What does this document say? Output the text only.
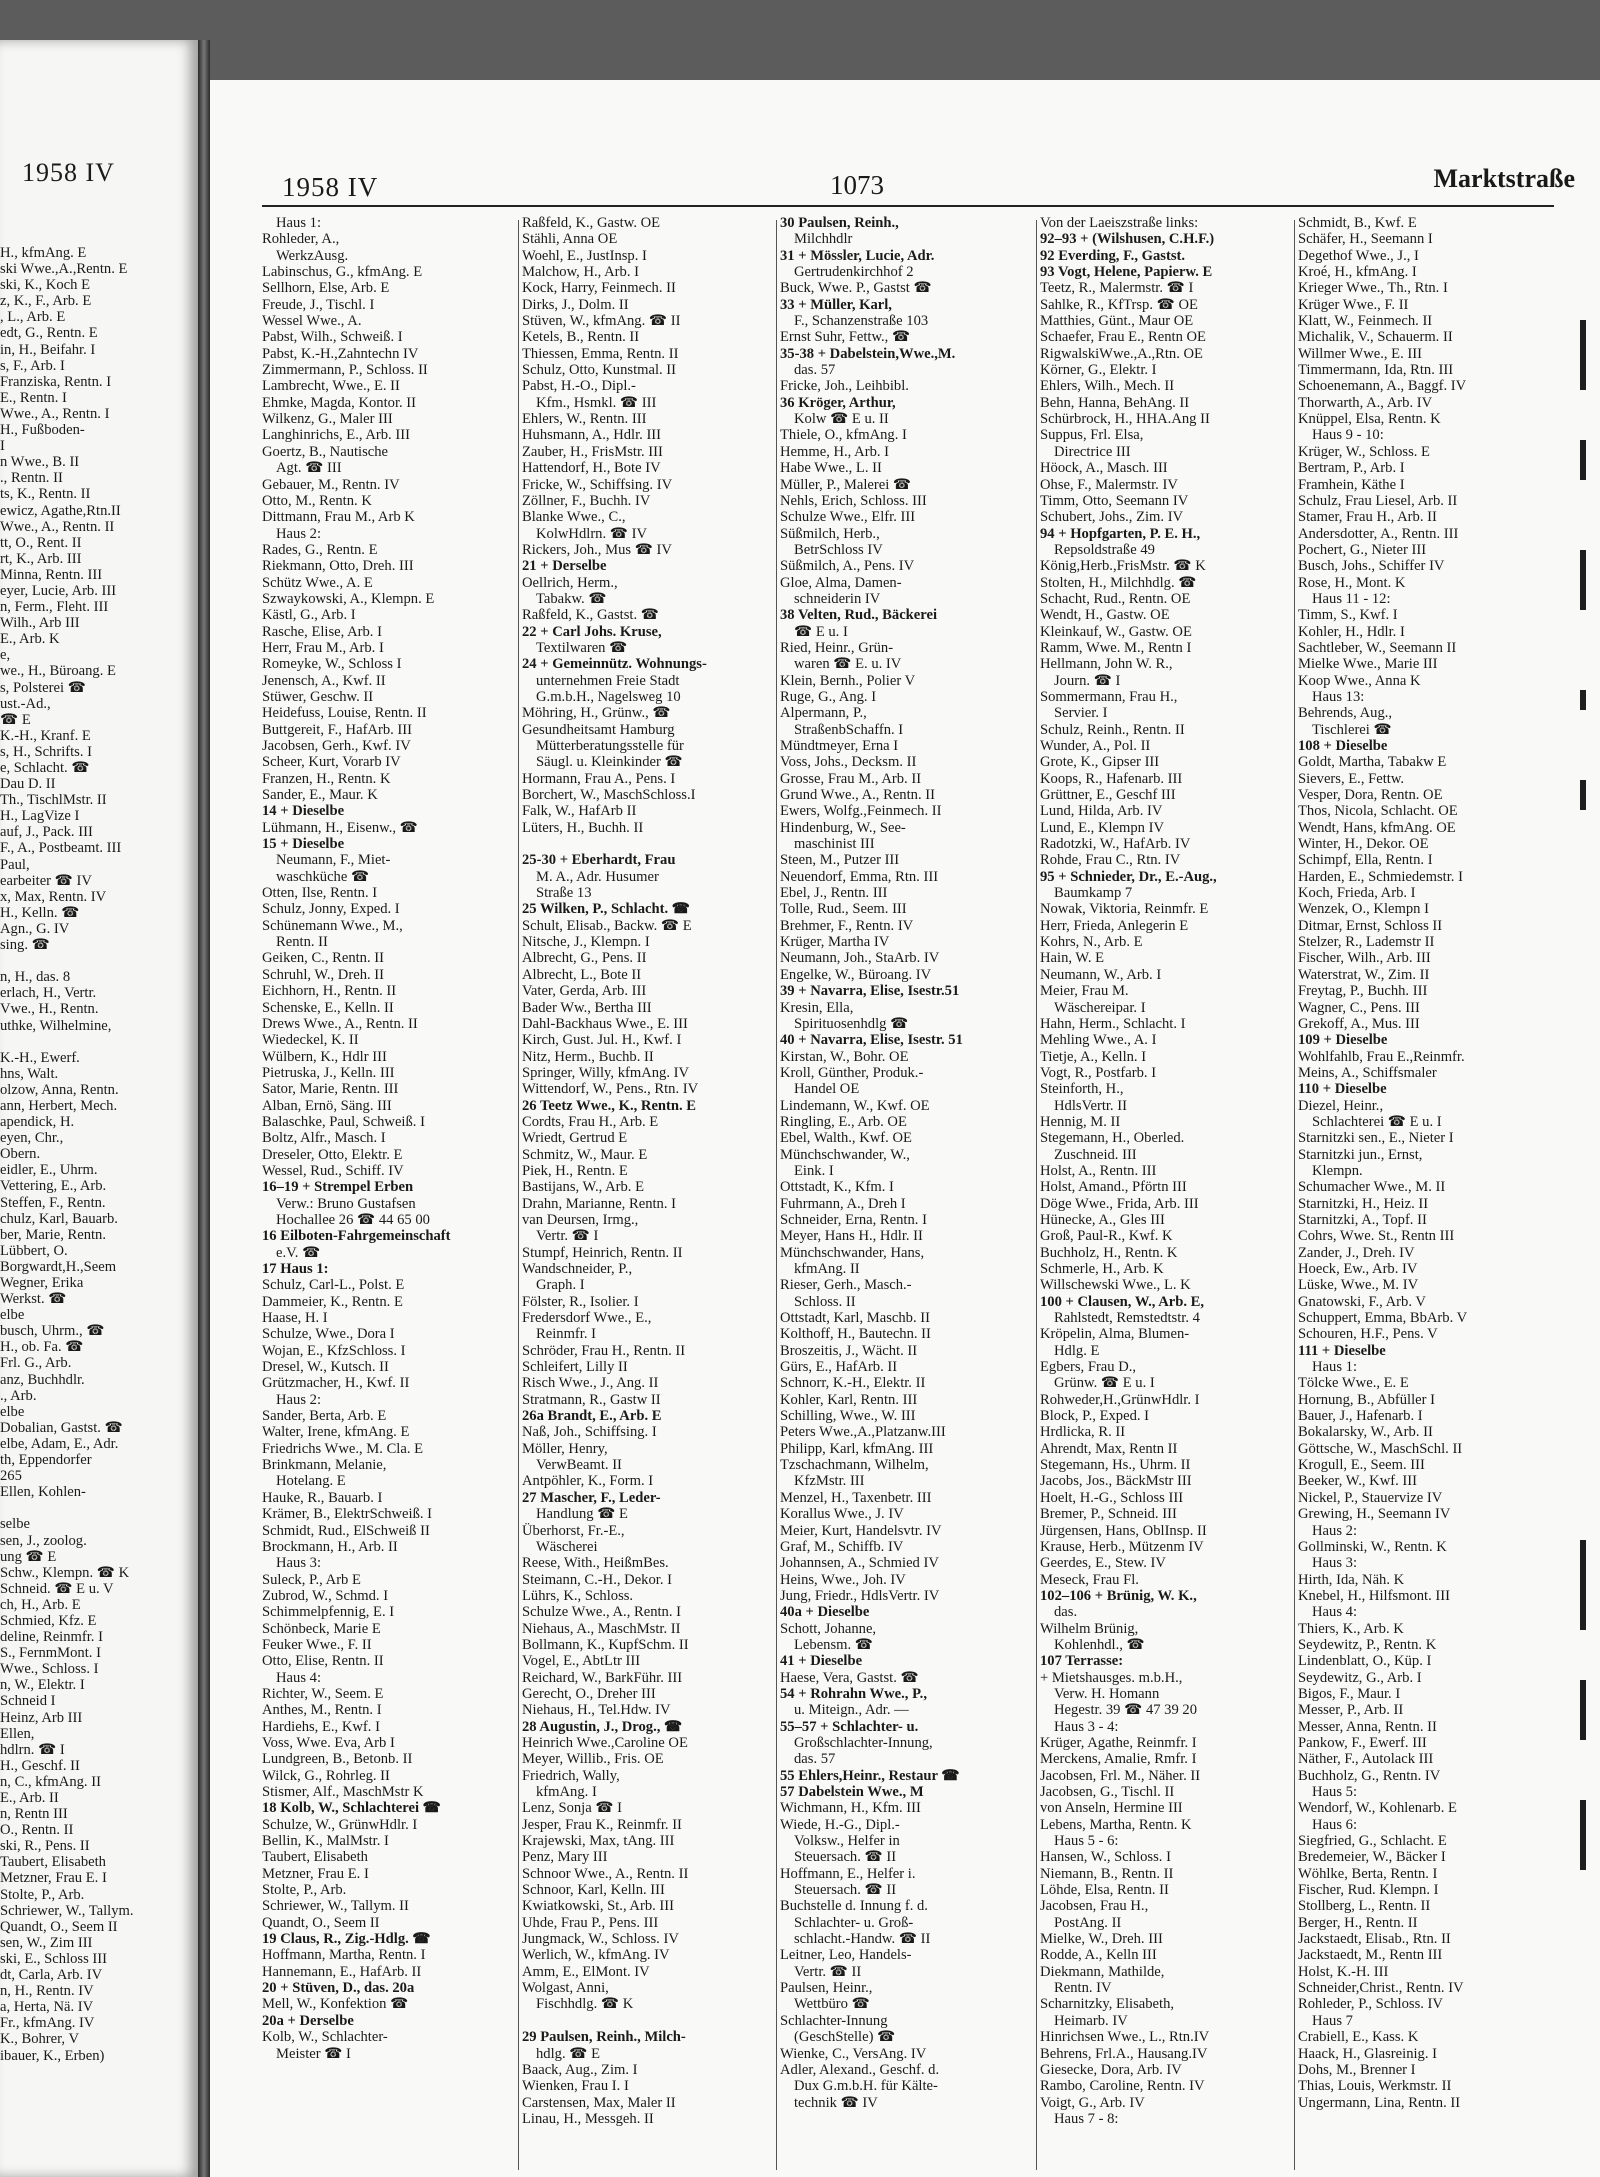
1958 IV
H., kfmAng. E
ski Wwe.,A.,Rentn. E
ski, K., Koch E
z, K., F., Arb. E
, L., Arb. E
edt, G., Rentn. E
in, H., Beifahr. I
s, F., Arb. I
Franziska, Rentn. I
E., Rentn. I
Wwe., A., Rentn. I
H., Fußboden-
I
n Wwe., B. II
., Rentn. II
ts, K., Rentn. II
ewicz, Agathe,Rtn.II
Wwe., A., Rentn. II
tt, O., Rent. II
rt, K., Arb. III
Minna, Rentn. III
eyer, Lucie, Arb. III
n, Ferm., Fleht. III
Wilh., Arb III
E., Arb. K
e,
we., H., Büroang. E
s, Polsterei ☎
ust.-Ad.,
☎ E
K.-H., Kranf. E
s, H., Schrifts. I
e, Schlacht. ☎
Dau D. II
Th., TischlMstr. II
H., LagVize I
auf, J., Pack. III
F., A., Postbeamt. III
Paul,
earbeiter ☎ IV
x, Max, Rentn. IV
H., Kelln. ☎
Agn., G. IV
sing. ☎
n, H., das. 8
erlach, H., Vertr.
Vwe., H., Rentn.
uthke, Wilhelmine,
K.-H., Ewerf.
hns, Walt.
olzow, Anna, Rentn.
ann, Herbert, Mech.
apendick, H.
eyen, Chr.,
Obern.
eidler, E., Uhrm.
Vettering, E., Arb.
Steffen, F., Rentn.
chulz, Karl, Bauarb.
ber, Marie, Rentn.
Lübbert, O.
Borgwardt,H.,Seem
Wegner, Erika
Werkst. ☎
elbe
busch, Uhrm., ☎
H., ob. Fa. ☎
Frl. G., Arb.
anz, Buchhdlr.
., Arb.
elbe
Dobalian, Gastst. ☎
elbe, Adam, E., Adr.
th, Eppendorfer
265
Ellen, Kohlen-
selbe
sen, J., zoolog.
ung ☎ E
Schw., Klempn. ☎ K
Schneid. ☎ E u. V
ch, H., Arb. E
Schmied, Kfz. E
deline, Reinmfr. I
S., FernmMont. I
Wwe., Schloss. I
n, W., Elektr. I
Schneid I
Heinz, Arb III
Ellen,
hdlrn. ☎ I
H., Geschf. II
n, C., kfmAng. II
E., Arb. II
n, Rentn III
O., Rentn. II
ski, R., Pens. II
Taubert, Elisabeth
Metzner, Frau E. I
Stolte, P., Arb.
Schriewer, W., Tallym.
Quandt, O., Seem II
sen, W., Zim III
ski, E., Schloss III
dt, Carla, Arb. IV
n, H., Rentn. IV
a, Herta, Nä. IV
Fr., kfmAng. IV
K., Bohrer, V
ibauer, K., Erben)
1958 IV	1073	Marktstraße
Haus 1:
Rohleder, A.,
WerkzAusg.
Labinschus, G., kfmAng. E
Sellhorn, Else, Arb. E
Freude, J., Tischl. I
Wessel Wwe., A.
Pabst, Wilh., Schweiß. I
Pabst, K.-H.,Zahntechn IV
Zimmermann, P., Schloss. II
Lambrecht, Wwe., E. II
Ehmke, Magda, Kontor. II
Wilkenz, G., Maler III
Langhinrichs, E., Arb. III
Goertz, B., Nautische
Agt. ☎ III
Gebauer, M., Rentn. IV
Otto, M., Rentn. K
Dittmann, Frau M., Arb K
Haus 2:
Rades, G., Rentn. E
Riekmann, Otto, Dreh. III
Schütz Wwe., A. E
Szwaykowski, A., Klempn. E
Kästl, G., Arb. I
Rasche, Elise, Arb. I
Herr, Frau M., Arb. I
Romeyke, W., Schloss I
Jenensch, A., Kwf. II
Stüwer, Geschw. II
Heidefuss, Louise, Rentn. II
Buttgereit, F., HafArb. III
Jacobsen, Gerh., Kwf. IV
Scheer, Kurt, Vorarb IV
Franzen, H., Rentn. K
Sander, E., Maur. K
14 + Dieselbe
Lühmann, H., Eisenw., ☎
15 + Dieselbe
Neumann, F., Miet-
waschküche ☎
Otten, Ilse, Rentn. I
Schulz, Jonny, Exped. I
Schünemann Wwe., M.,
Rentn. II
Geiken, C., Rentn. II
Schruhl, W., Dreh. II
Eichhorn, H., Rentn. II
Schenske, E., Kelln. II
Drews Wwe., A., Rentn. II
Wiedeckel, K. II
Wülbern, K., Hdlr III
Pietruska, J., Kelln. III
Sator, Marie, Rentn. III
Alban, Ernö, Säng. III
Balaschke, Paul, Schweiß. I
Boltz, Alfr., Masch. I
Dreseler, Otto, Elektr. E
Wessel, Rud., Schiff. IV
16–19 + Strempel Erben
Verw.: Bruno Gustafsen
Hochallee 26 ☎ 44 65 00
16 Eilboten-Fahrgemeinschaft
e.V. ☎
17 Haus 1:
Schulz, Carl-L., Polst. E
Dammeier, K., Rentn. E
Haase, H. I
Schulze, Wwe., Dora I
Wojan, E., KfzSchloss. I
Dresel, W., Kutsch. II
Grützmacher, H., Kwf. II
Haus 2:
Sander, Berta, Arb. E
Walter, Irene, kfmAng. E
Friedrichs Wwe., M. Cla. E
Brinkmann, Melanie,
Hotelang. E
Hauke, R., Bauarb. I
Krämer, B., ElektrSchweiß. I
Schmidt, Rud., ElSchweiß II
Brockmann, H., Arb. II
Haus 3:
Suleck, P., Arb E
Zubrod, W., Schmd. I
Schimmelpfennig, E. I
Schönbeck, Marie E
Feuker Wwe., F. II
Otto, Elise, Rentn. II
Haus 4:
Richter, W., Seem. E
Anthes, M., Rentn. I
Hardiehs, E., Kwf. I
Voss, Wwe. Eva, Arb I
Lundgreen, B., Betonb. II
Wilck, G., Rohrleg. II
Stismer, Alf., MaschMstr K
18 Kolb, W., Schlachterei ☎
Schulze, W., GrünwHdlr. I
Bellin, K., MalMstr. I
Taubert, Elisabeth
Metzner, Frau E. I
Stolte, P., Arb.
Schriewer, W., Tallym. II
Quandt, O., Seem II
19 Claus, R., Zig.-Hdlg. ☎
Hoffmann, Martha, Rentn. I
Hannemann, E., HafArb. II
20 + Stüven, D., das. 20a
Mell, W., Konfektion ☎
20a + Derselbe
Kolb, W., Schlachter-
Meister ☎ I
Raßfeld, K., Gastw. OE
Stähli, Anna OE
Woehl, E., JustInsp. I
Malchow, H., Arb. I
Kock, Harry, Feinmech. II
Dirks, J., Dolm. II
Stüven, W., kfmAng. ☎ II
Ketels, B., Rentn. II
Thiessen, Emma, Rentn. II
Schulz, Otto, Kunstmal. II
Pabst, H.-O., Dipl.-
Kfm., Hsmkl. ☎ III
Ehlers, W., Rentn. III
Huhsmann, A., Hdlr. III
Zauber, H., FrisMstr. III
Hattendorf, H., Bote IV
Fricke, W., Schiffsing. IV
Zöllner, F., Buchh. IV
Blanke Wwe., C.,
KolwHdlrn. ☎ IV
Rickers, Joh., Mus ☎ IV
21 + Derselbe
Oellrich, Herm.,
Tabakw. ☎
Raßfeld, K., Gastst. ☎
22 + Carl Johs. Kruse,
Textilwaren ☎
24 + Gemeinnütz. Wohnungs-
unternehmen Freie Stadt
G.m.b.H., Nagelsweg 10
Möhring, H., Grünw., ☎
Gesundheitsamt Hamburg
Mütterberatungsstelle für
Säugl. u. Kleinkinder ☎
Hormann, Frau A., Pens. I
Borchert, W., MaschSchloss.I
Falk, W., HafArb II
Lüters, H., Buchh. II
25-30 + Eberhardt, Frau
M. A., Adr. Husumer
Straße 13
25 Wilken, P., Schlacht. ☎
Schult, Elisab., Backw. ☎ E
Nitsche, J., Klempn. I
Albrecht, G., Pens. II
Albrecht, L., Bote II
Vater, Gerda, Arb. III
Bader Ww., Bertha III
Dahl-Backhaus Wwe., E. III
Kirch, Gust. Jul. H., Kwf. I
Nitz, Herm., Buchb. II
Springer, Willy, kfmAng. IV
Wittendorf, W., Pens., Rtn. IV
26 Teetz Wwe., K., Rentn. E
Cordts, Frau H., Arb. E
Wriedt, Gertrud E
Schmitz, W., Maur. E
Piek, H., Rentn. E
Bastijans, W., Arb. E
Drahn, Marianne, Rentn. I
van Deursen, Irmg.,
Vertr. ☎ I
Stumpf, Heinrich, Rentn. II
Wandschneider, P.,
Graph. I
Fölster, R., Isolier. I
Fredersdorf Wwe., E.,
Reinmfr. I
Schröder, Frau H., Rentn. II
Schleifert, Lilly II
Risch Wwe., J., Ang. II
Stratmann, R., Gastw II
26a Brandt, E., Arb. E
Naß, Joh., Schiffsing. I
Möller, Henry,
VerwBeamt. II
Antpöhler, K., Form. I
27 Mascher, F., Leder-
Handlung ☎ E
Überhorst, Fr.-E.,
Wäscherei
Reese, With., HeißmBes.
Steimann, C.-H., Dekor. I
Lührs, K., Schloss.
Schulze Wwe., A., Rentn. I
Niehaus, A., MaschMstr. II
Bollmann, K., KupfSchm. II
Vogel, E., AbtLtr III
Reichard, W., BarkFühr. III
Gerecht, O., Dreher III
Niehaus, H., Tel.Hdw. IV
28 Augustin, J., Drog., ☎
Heinrich Wwe.,Caroline OE
Meyer, Willib., Fris. OE
Friedrich, Wally,
kfmAng. I
Lenz, Sonja ☎ I
Jesper, Frau K., Reinmfr. II
Krajewski, Max, tAng. III
Penz, Mary III
Schnoor Wwe., A., Rentn. II
Schnoor, Karl, Kelln. III
Kwiatkowski, St., Arb. III
Uhde, Frau P., Pens. III
Jungmack, W., Schloss. IV
Werlich, W., kfmAng. IV
Amm, E., ElMont. IV
Wolgast, Anni,
Fischhdlg. ☎ K
29 Paulsen, Reinh., Milch-
hdlg. ☎ E
Baack, Aug., Zim. I
Wienken, Frau I. I
Carstensen, Max, Maler II
Linau, H., Messgeh. II
30 Paulsen, Reinh.,
Milchhdlr
31 + Mössler, Lucie, Adr.
Gertrudenkirchhof 2
Buck, Wwe. P., Gastst ☎
33 + Müller, Karl,
F., Schanzenstraße 103
Ernst Suhr, Fettw., ☎
35-38 + Dabelstein,Wwe.,M.
das. 57
Fricke, Joh., Leihbibl.
36 Kröger, Arthur,
Kolw ☎ E u. II
Thiele, O., kfmAng. I
Hemme, H., Arb. I
Habe Wwe., L. II
Müller, P., Malerei ☎
Nehls, Erich, Schloss. III
Schulze Wwe., Elfr. III
Süßmilch, Herb.,
BetrSchloss IV
Süßmilch, A., Pens. IV
Gloe, Alma, Damen-
schneiderin IV
38 Velten, Rud., Bäckerei
☎ E u. I
Ried, Heinr., Grün-
waren ☎ E. u. IV
Klein, Bernh., Polier V
Ruge, G., Ang. I
Alpermann, P.,
StraßenbSchaffn. I
Mündtmeyer, Erna I
Voss, Johs., Decksm. II
Grosse, Frau M., Arb. II
Grund Wwe., A., Rentn. II
Ewers, Wolfg.,Feinmech. II
Hindenburg, W., See-
maschinist III
Steen, M., Putzer III
Neuendorf, Emma, Rtn. III
Ebel, J., Rentn. III
Tolle, Rud., Seem. III
Brehmer, F., Rentn. IV
Krüger, Martha IV
Neumann, Joh., StaArb. IV
Engelke, W., Büroang. IV
39 + Navarra, Elise, Isestr.51
Kresin, Ella,
Spirituosenhdlg ☎
40 + Navarra, Elise, Isestr. 51
Kirstan, W., Bohr. OE
Kroll, Günther, Produk.-
Handel OE
Lindemann, W., Kwf. OE
Ringling, E., Arb. OE
Ebel, Walth., Kwf. OE
Münchschwander, W.,
Eink. I
Ottstadt, K., Kfm. I
Fuhrmann, A., Dreh I
Schneider, Erna, Rentn. I
Meyer, Hans H., Hdlr. II
Münchschwander, Hans,
kfmAng. II
Rieser, Gerh., Masch.-
Schloss. II
Ottstadt, Karl, Maschb. II
Kolthoff, H., Bautechn. II
Broszeitis, J., Wächt. II
Gürs, E., HafArb. II
Schnorr, K.-H., Elektr. II
Kohler, Karl, Rentn. III
Schilling, Wwe., W. III
Peters Wwe.,A.,Platzanw.III
Philipp, Karl, kfmAng. III
Tzschachmann, Wilhelm,
KfzMstr. III
Menzel, H., Taxenbetr. III
Korallus Wwe., J. IV
Meier, Kurt, Handelsvtr. IV
Graf, M., Schiffb. IV
Johannsen, A., Schmied IV
Heins, Wwe., Joh. IV
Jung, Friedr., HdlsVertr. IV
40a + Dieselbe
Schott, Johanne,
Lebensm. ☎
41 + Dieselbe
Haese, Vera, Gastst. ☎
54 + Rohrahn Wwe., P.,
u. Miteign., Adr. —
55–57 + Schlachter- u.
Großschlachter-Innung,
das. 57
55 Ehlers,Heinr., Restaur ☎
57 Dabelstein Wwe., M
Wichmann, H., Kfm. III
Wiede, H.-G., Dipl.-
Volksw., Helfer in
Steuersach. ☎ II
Hoffmann, E., Helfer i.
Steuersach. ☎ II
Buchstelle d. Innung f. d.
Schlachter- u. Groß-
schlacht.-Handw. ☎ II
Leitner, Leo, Handels-
Vertr. ☎ II
Paulsen, Heinr.,
Wettbüro ☎
Schlachter-Innung
(GeschStelle) ☎
Wienke, C., VersAng. IV
Adler, Alexand., Geschf. d.
Dux G.m.b.H. für Kälte-
technik ☎ IV
Von der Laeiszstraße links:
92–93 + (Wilshusen, C.H.F.)
92 Everding, F., Gastst.
93 Vogt, Helene, Papierw. E
Teetz, R., Malermstr. ☎ I
Sahlke, R., KfTrsp. ☎ OE
Matthies, Günt., Maur OE
Schaefer, Frau E., Rentn OE
RigwalskiWwe.,A.,Rtn. OE
Körner, G., Elektr. I
Ehlers, Wilh., Mech. II
Behn, Hanna, BehAng. II
Schürbrock, H., HHA.Ang II
Suppus, Frl. Elsa,
Directrice III
Höock, A., Masch. III
Ohse, F., Malermstr. IV
Timm, Otto, Seemann IV
Schubert, Johs., Zim. IV
94 + Hopfgarten, P. E. H.,
Repsoldstraße 49
König,Herb.,FrisMstr. ☎ K
Stolten, H., Milchhdlg. ☎
Schacht, Rud., Rentn. OE
Wendt, H., Gastw. OE
Kleinkauf, W., Gastw. OE
Ramm, Wwe. M., Rentn I
Hellmann, John W. R.,
Journ. ☎ I
Sommermann, Frau H.,
Servier. I
Schulz, Reinh., Rentn. II
Wunder, A., Pol. II
Grote, K., Gipser III
Koops, R., Hafenarb. III
Grüttner, E., Geschf III
Lund, Hilda, Arb. IV
Lund, E., Klempn IV
Radotzki, W., HafArb. IV
Rohde, Frau C., Rtn. IV
95 + Schnieder, Dr., E.-Aug.,
Baumkamp 7
Nowak, Viktoria, Reinmfr. E
Herr, Frieda, Anlegerin E
Kohrs, N., Arb. E
Hain, W. E
Neumann, W., Arb. I
Meier, Frau M.
Wäschereipar. I
Hahn, Herm., Schlacht. I
Mehling Wwe., A. I
Tietje, A., Kelln. I
Vogt, R., Postfarb. I
Steinforth, H.,
HdlsVertr. II
Hennig, M. II
Stegemann, H., Oberled.
Zuschneid. III
Holst, A., Rentn. III
Holst, Amand., Pförtn III
Döge Wwe., Frida, Arb. III
Hünecke, A., Gles III
Groß, Paul-R., Kwf. K
Buchholz, H., Rentn. K
Schmerle, H., Arb. K
Willschewski Wwe., L. K
100 + Clausen, W., Arb. E,
Rahlstedt, Remstedtstr. 4
Kröpelin, Alma, Blumen-
Hdlg. E
Egbers, Frau D.,
Grünw. ☎ E u. I
Rohweder,H.,GrünwHdlr. I
Block, P., Exped. I
Hrdlicka, R. II
Ahrendt, Max, Rentn II
Stegemann, Hs., Uhrm. II
Jacobs, Jos., BäckMstr III
Hoelt, H.-G., Schloss III
Bremer, P., Schneid. III
Jürgensen, Hans, OblInsp. II
Krause, Herb., Mützenm IV
Geerdes, E., Stew. IV
Meseck, Frau Fl.
102–106 + Brünig, W. K.,
das.
Wilhelm Brünig,
Kohlenhdl., ☎
107 Terrasse:
+ Mietshausges. m.b.H.,
Verw. H. Homann
Hegestr. 39 ☎ 47 39 20
Haus 3 - 4:
Krüger, Agathe, Reinmfr. I
Merckens, Amalie, Rmfr. I
Jacobsen, Frl. M., Näher. II
Jacobsen, G., Tischl. II
von Anseln, Hermine III
Lebens, Martha, Rentn. K
Haus 5 - 6:
Hansen, W., Schloss. I
Niemann, B., Rentn. II
Löhde, Elsa, Rentn. II
Jacobsen, Frau H.,
PostAng. II
Mielke, W., Dreh. III
Rodde, A., Kelln III
Diekmann, Mathilde,
Rentn. IV
Scharnitzky, Elisabeth,
Heimarb. IV
Hinrichsen Wwe., L., Rtn.IV
Behrens, Frl.A., Hausang.IV
Giesecke, Dora, Arb. IV
Rambo, Caroline, Rentn. IV
Voigt, G., Arb. IV
Haus 7 - 8:
Schmidt, B., Kwf. E
Schäfer, H., Seemann I
Degethof Wwe., J., I
Kroé, H., kfmAng. I
Krieger Wwe., Th., Rtn. I
Krüger Wwe., F. II
Klatt, W., Feinmech. II
Michalik, V., Schauerm. II
Willmer Wwe., E. III
Timmermann, Ida, Rtn. III
Schoenemann, A., Baggf. IV
Thorwarth, A., Arb. IV
Knüppel, Elsa, Rentn. K
Haus 9 - 10:
Krüger, W., Schloss. E
Bertram, P., Arb. I
Framhein, Käthe I
Schulz, Frau Liesel, Arb. II
Stamer, Frau H., Arb. II
Andersdotter, A., Rentn. III
Pochert, G., Nieter III
Busch, Johs., Schiffer IV
Rose, H., Mont. K
Haus 11 - 12:
Timm, S., Kwf. I
Kohler, H., Hdlr. I
Sachtleber, W., Seemann II
Mielke Wwe., Marie III
Koop Wwe., Anna K
Haus 13:
Behrends, Aug.,
Tischlerei ☎
108 + Dieselbe
Goldt, Martha, Tabakw E
Sievers, E., Fettw.
Vesper, Dora, Rentn. OE
Thos, Nicola, Schlacht. OE
Wendt, Hans, kfmAng. OE
Winter, H., Dekor. OE
Schimpf, Ella, Rentn. I
Harden, E., Schmiedemstr. I
Koch, Frieda, Arb. I
Wenzek, O., Klempn I
Ditmar, Ernst, Schloss II
Stelzer, R., Lademstr II
Fischer, Wilh., Arb. III
Waterstrat, W., Zim. II
Freytag, P., Buchh. III
Wagner, C., Pens. III
Grekoff, A., Mus. III
109 + Dieselbe
Wohlfahlb, Frau E.,Reinmfr.
Meins, A., Schiffsmaler
110 + Dieselbe
Diezel, Heinr.,
Schlachterei ☎ E u. I
Starnitzki sen., E., Nieter I
Starnitzki jun., Ernst,
Klempn.
Schumacher Wwe., M. II
Starnitzki, H., Heiz. II
Starnitzki, A., Topf. II
Cohrs, Wwe. St., Rentn III
Zander, J., Dreh. IV
Hoeck, Ew., Arb. IV
Lüske, Wwe., M. IV
Gnatowski, F., Arb. V
Schuppert, Emma, BbArb. V
Schouren, H.F., Pens. V
111 + Dieselbe
Haus 1:
Tölcke Wwe., E. E
Hornung, B., Abfüller I
Bauer, J., Hafenarb. I
Bokalarsky, W., Arb. II
Göttsche, W., MaschSchl. II
Krogull, E., Seem. III
Beeker, W., Kwf. III
Nickel, P., Stauervize IV
Grewing, H., Seemann IV
Haus 2:
Gollminski, W., Rentn. K
Haus 3:
Hirth, Ida, Näh. K
Knebel, H., Hilfsmont. III
Haus 4:
Thiers, K., Arb. K
Seydewitz, P., Rentn. K
Lindenblatt, O., Küp. I
Seydewitz, G., Arb. I
Bigos, F., Maur. I
Messer, P., Arb. II
Messer, Anna, Rentn. II
Pankow, F., Ewerf. III
Näther, F., Autolack III
Buchholz, G., Rentn. IV
Haus 5:
Wendorf, W., Kohlenarb. E
Haus 6:
Siegfried, G., Schlacht. E
Bredemeier, W., Bäcker I
Wöhlke, Berta, Rentn. I
Fischer, Rud. Klempn. I
Stollberg, L., Rentn. II
Berger, H., Rentn. II
Jackstaedt, Elisab., Rtn. II
Jackstaedt, M., Rentn III
Holst, K.-H. III
Schneider,Christ., Rentn. IV
Rohleder, P., Schloss. IV
Haus 7
Crabiell, E., Kass. K
Haack, H., Glasreinig. I
Dohs, M., Brenner I
Thias, Louis, Werkmstr. II
Ungermann, Lina, Rentn. II
